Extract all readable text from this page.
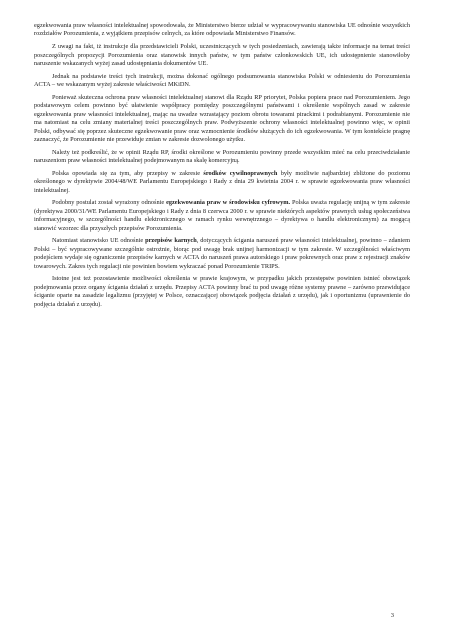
egzekwowania praw własności intelektualnej spowodowała, że Ministerstwo bierze udział w wypracowywaniu stanowiska UE odnośnie wszystkich rozdziałów Porozumienia, z wyjątkiem przepisów celnych, za które odpowiada Ministerstwo Finansów.

Z uwagi na fakt, iż instrukcje dla przedstawicieli Polski, uczestniczących w tych posiedzeniach, zawierają także informacje na temat treści poszczególnych propozycji Porozumienia oraz stanowisk innych państw, w tym państw członkowskich UE, ich udostępnienie stanowiłoby naruszenie wskazanych wyżej zasad udostępniania dokumentów UE.

Jednak na podstawie treści tych instrukcji, można dokonać ogólnego podsumowania stanowiska Polski w odniesieniu do Porozumienia ACTA – we wskazanym wyżej zakresie właściwości MKiDN.

Ponieważ skuteczna ochrona praw własności intelektualnej stanowi dla Rządu RP priorytet, Polska popiera prace nad Porozumieniem. Jego podstawowym celem powinno być ułatwienie współpracy pomiędzy poszczególnymi państwami i określenie wspólnych zasad w zakresie egzekwowania praw własności intelektualnej, mając na uwadze wzrastający poziom obrotu towarami pirackimi i podrabianymi. Porozumienie nie ma natomiast na celu zmiany materialnej treści poszczególnych praw. Podwyższenie ochrony własności intelektualnej powinno więc, w opinii Polski, odbywać się poprzez skuteczne egzekwowanie praw oraz wzmocnienie środków służących do ich egzekwowania. W tym kontekście pragnę zaznaczyć, że Porozumienie nie przewiduje zmian w zakresie dozwolonego użytku.

Należy też podkreślić, że w opinii Rządu RP, środki określone w Porozumieniu powinny przede wszystkim mieć na celu przeciwdziałanie naruszeniom praw własności intelektualnej podejmowanym na skalę komercyjną.

Polska opowiada się za tym, aby przepisy w zakresie środków cywilnoprawnych były możliwie najbardziej zbliżone do poziomu określonego w dyrektywie 2004/48/WE Parlamentu Europejskiego i Rady z dnia 29 kwietnia 2004 r. w sprawie egzekwowania praw własności intelektualnej.

Podobny postulat został wyrażony odnośnie egzekwowania praw w środowisku cyfrowym. Polska uważa regulację unijną w tym zakresie (dyrektywa 2000/31/WE Parlamentu Europejskiego i Rady z dnia 8 czerwca 2000 r. w sprawie niektórych aspektów prawnych usług społeczeństwa informacyjnego, w szczególności handlu elektronicznego w ramach rynku wewnętrznego – dyrektywa o handlu elektronicznym) za mogącą stanowić wzorzec dla przyszłych przepisów Porozumienia.

Natomiast stanowisko UE odnośnie przepisów karnych, dotyczących ścigania naruszeń praw własności intelektualnej, powinno – zdaniem Polski – być wypracowywane szczególnie ostrożnie, biorąc pod uwagę brak unijnej harmonizacji w tym zakresie. W szczególności właściwym podejściem wydaje się ograniczenie przepisów karnych w ACTA do naruszeń prawa autorskiego i praw pokrewnych oraz praw z rejestracji znaków towarowych. Zakres tych regulacji nie powinien bowiem wykraczać ponad Porozumienie TRIPS.

Istotne jest też pozostawienie możliwości określenia w prawie krajowym, w przypadku jakich przestępstw powinien istnieć obowiązek podejmowania przez organy ścigania działań z urzędu. Przepisy ACTA powinny brać tu pod uwagę różne systemy prawne – zarówno przewidujące ściganie oparte na zasadzie legalizmu (przyjętej w Polsce, oznaczającej obowiązek podjęcia działań z urzędu), jak i oportunizmu (uprawnienie do podjęcia działań z urzędu).

3
